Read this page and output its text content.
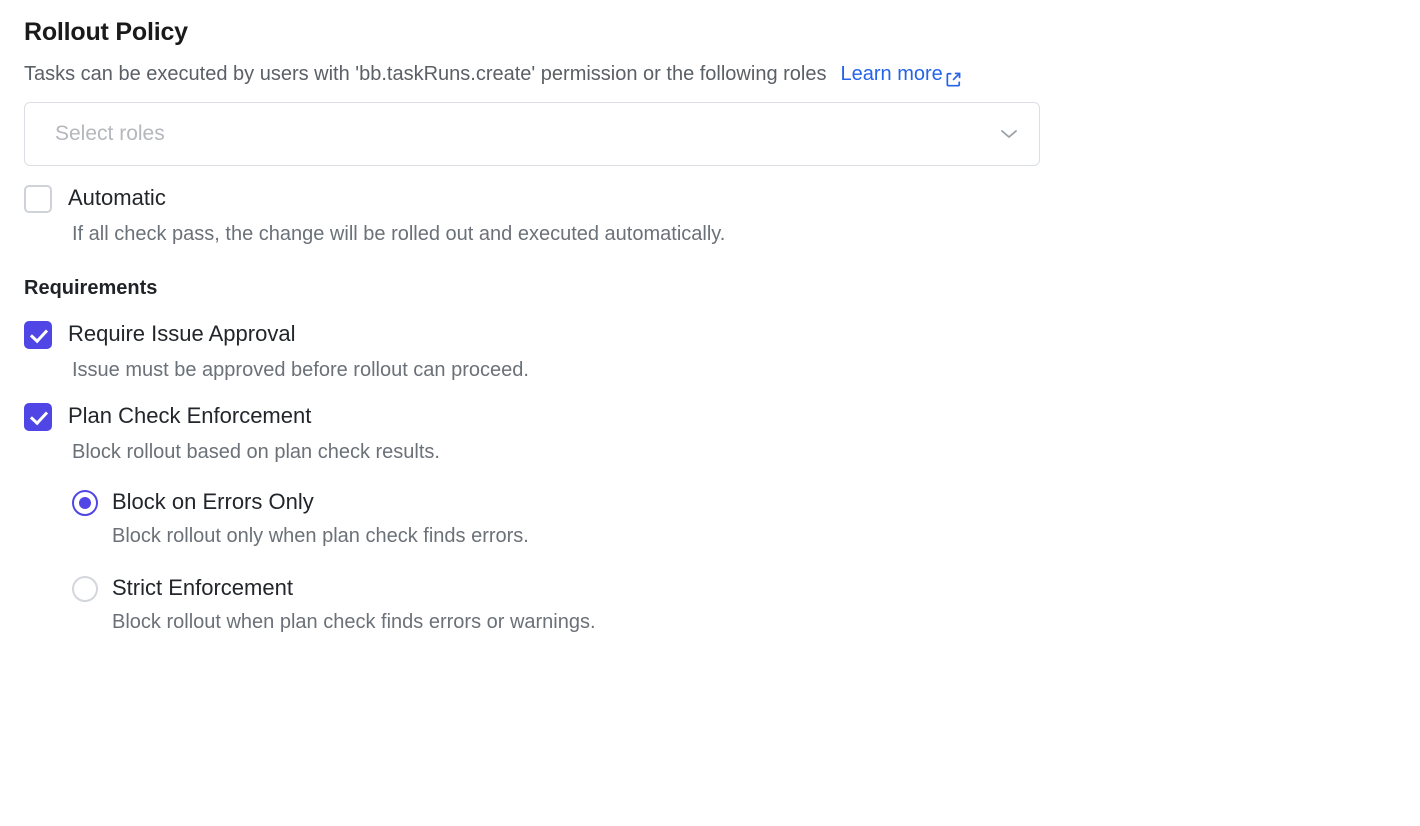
Rollout Policy
Tasks can be executed by users with 'bb.taskRuns.create' permission or the following roles Learn more
Select roles
Automatic
If all check pass, the change will be rolled out and executed automatically.
Requirements
Require Issue Approval
Issue must be approved before rollout can proceed.
Plan Check Enforcement
Block rollout based on plan check results.
Block on Errors Only
Block rollout only when plan check finds errors.
Strict Enforcement
Block rollout when plan check finds errors or warnings.
